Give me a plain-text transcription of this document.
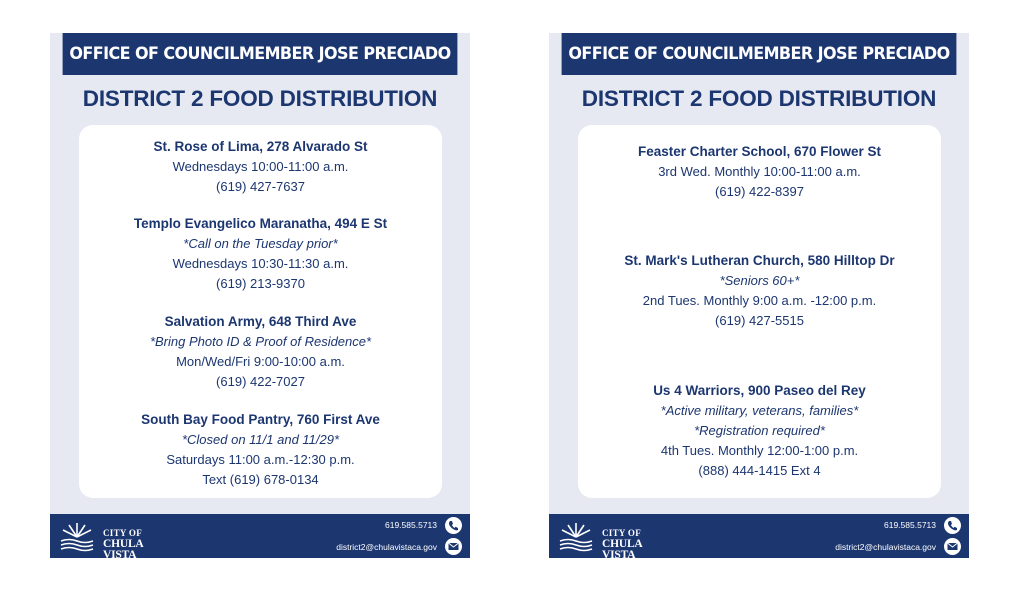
OFFICE OF COUNCILMEMBER JOSE PRECIADO
DISTRICT 2 FOOD DISTRIBUTION
St. Rose of Lima, 278 Alvarado St
Wednesdays 10:00-11:00 a.m.
(619) 427-7637
Templo Evangelico Maranatha, 494 E St
*Call on the Tuesday prior*
Wednesdays 10:30-11:30 a.m.
(619) 213-9370
Salvation Army, 648 Third Ave
*Bring Photo ID & Proof of Residence*
Mon/Wed/Fri 9:00-10:00 a.m.
(619) 422-7027
South Bay Food Pantry, 760 First Ave
*Closed on 11/1 and 11/29*
Saturdays 11:00 a.m.-12:30 p.m.
Text (619) 678-0134
CITY OF
CHULA VISTA
619.585.5713
district2@chulavistaca.gov
OFFICE OF COUNCILMEMBER JOSE PRECIADO
DISTRICT 2 FOOD DISTRIBUTION
Feaster Charter School, 670 Flower St
3rd Wed. Monthly 10:00-11:00 a.m.
(619) 422-8397
St. Mark's Lutheran Church, 580 Hilltop Dr
*Seniors 60+*
2nd Tues. Monthly 9:00 a.m. -12:00 p.m.
(619) 427-5515
Us 4 Warriors, 900 Paseo del Rey
*Active military, veterans, families*
*Registration required*
4th Tues. Monthly 12:00-1:00 p.m.
(888) 444-1415 Ext 4
CITY OF
CHULA VISTA
619.585.5713
district2@chulavistaca.gov
